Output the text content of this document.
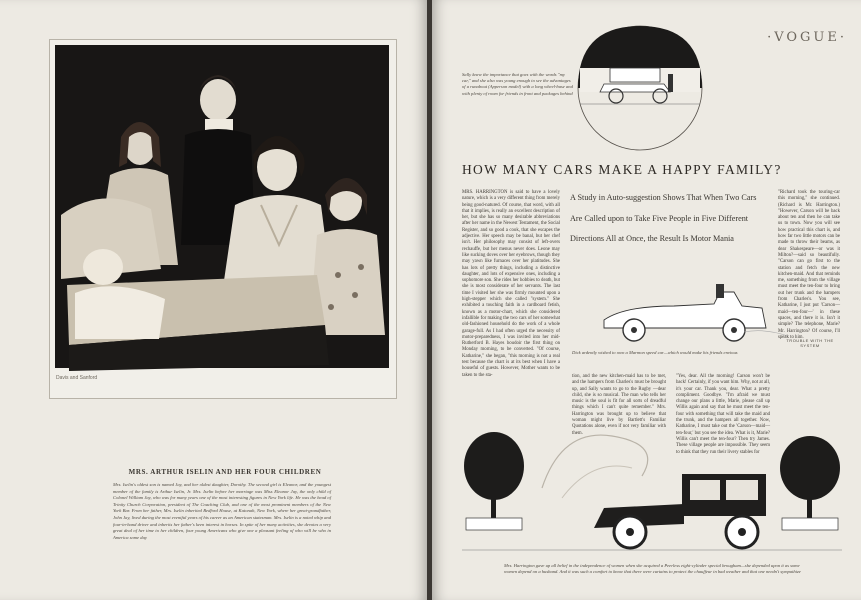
Davis and Sanford
MRS. ARTHUR ISELIN AND HER FOUR CHILDREN
Mrs. Iselin's oldest son is named Jay, and her oldest daughter, Dorothy. The second girl is Eleanor, and the youngest member of the family is Arthur Iselin, Jr. Mrs. Iselin before her marriage was Miss Eleanor Jay, the only child of Colonel William Jay, who was for many years one of the most interesting figures in New York life. He was the head of Trinity Church Corporation, president of The Coaching Club, and one of the most prominent members of the New York Bar. From her father, Mrs. Iselin inherited Bedford House, at Katonah, New York, where her great-grandfather, John Jay, lived during the most eventful years of his career as an American statesman. Mrs. Iselin is a noted whip and four-in-hand driver and inherits her father's keen interest in horses. In spite of her many activities, she devotes a very great deal of her time to her children, four young Americans who give one a pleasant feeling of who will be who in America some day
·VOGUE·
Sally knew the importance that goes with the words "my car," and she also was young enough to see the advantages of a runabout (Apperson model) with a long wheel-base and with plenty of room for friends in front and packages behind
HOW MANY CARS MAKE A HAPPY FAMILY?
MRS. HARRINGTON is said to have a lovely nature, which is a very different thing from merely being good-natured. Of course, that word, with all that it implies, is really an excellent description of her, but she has so many desirable abbreviations after her name in the Newest Testament, the Social Register, and so good a cook, that she escapes the adjective. Her speech may be banal, but her chef isn't. Her philosophy may consist of left-overs rechauffe, but her menus never does. Leone may like sucking doves over her eyebrows, though they may yawn like furnaces over her platitudes. She has lots of pretty things, including a distinctive daughter, and lots of expensive ones, including a sophomore son. She rides her hobbies to death, but she is most considerate of her servants. The last time I visited her she was firmly mounted upon a high-stepper which she called "system." She exhibited a touching faith in a cardboard fetish, known as a motor-chart, which she considered infallible for making the two cars of her somewhat old-fashioned household do the work of a whole garage-full. As I had often urged the necessity of motor-preparedness, I was invited into her mid-Rutherford B. Hayes boudoir the first thing on Monday morning, to be converted. "Of course, Katharine," she began, "this morning is not a real test because the chart is at its best when I have a houseful of guests. However, Mother wants to be taken to the sta-
A Study in Auto-suggestion Shows That When Two Cars Are Called upon to Take Five People in Five Different Directions All at Once, the Result Is Motor Mania
Dick ardently wished to own a Marmon speed car—which would make his friends envious
"Richard took the touring-car this morning," she continued. (Richard is Mr. Harrington.) "However, Carson will be back about ten and then he can take us to town. Now you will see how practical this chart is, and how far two little motors can be made to throw their beams, as dear Shakespeare—or was it Milton?—said so beautifully. "Carson can go first to the station and fetch the new kitchen-maid. And that reminds me, something from the village must meet the ten-four to bring out her trunk and the hampers from Charles's. You see, Katharine, I just put 'Carson—maid—ten-four—' in these spaces, and there it is. Isn't it simple? The telephone, Marie? Mr. Harrington? Of course, I'll speak to him.
TROUBLE WITH THE SYSTEM
tion, and the new kitchen-maid has to be met, and the hampers from Charles's must be brought up, and Sally wants to go to the Rugby —dear child, she is so musical. The man who tells her music is the soul is fit for all sorts of dreadful things which I can't quite remember." Mrs. Harrington was brought up to believe that woman might live by Bartlett's Familiar Quotations alone, even if not very familiar with them.
"Yes, dear. All the morning! Carson won't be back! Certainly, if you want him. Why, not at all, it's your car. Thank you, dear. What a pretty compliment. Goodbye. "I'm afraid we must change our plans a little, Marie, please call up Willis again and say that he must meet the ten-four with something that will take the maid and the trunk, and the hampers all together. Now, Katharine, I must take out the 'Carson—maid—ten-four,' but you see the idea. What is it, Marie? Willis can't meet the ten-four? Then try James. These village people are impossible. They seem to think that they run their livery stables for
Mrs. Harrington gave up all belief in the independence of women when she acquired a Peerless eight-cylinder special brougham—she depended upon it as some women depend on a husband. And it was such a comfort to know that there were curtains to protect the chauffeur in bad weather and that one needn't sympathize
